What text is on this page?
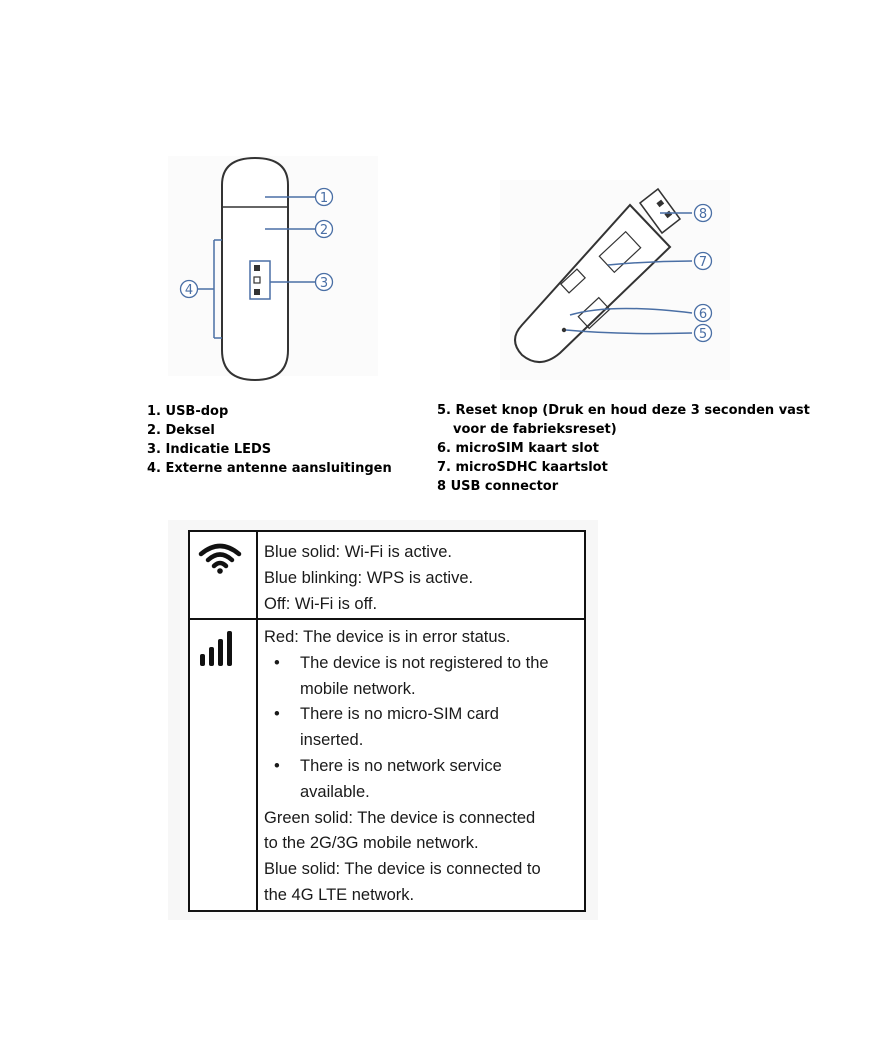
1
2
3
4
8
7
6
5
1. USB-dop
2. Deksel
3. Indicatie LEDS
4. Externe antenne aansluitingen
5. Reset knop (Druk en houd deze 3 seconden vast
voor de fabrieksreset)
6. microSIM kaart slot
7. microSDHC kaartslot
8 USB connector
Blue solid: Wi-Fi is active.
Blue blinking: WPS is active.
Off: Wi-Fi is off.
Red: The device is in error status.
• The device is not registered to the
mobile network.
• There is no micro-SIM card
inserted.
• There is no network service
available.
Green solid: The device is connected
to the 2G/3G mobile network.
Blue solid: The device is connected to
the 4G LTE network.
